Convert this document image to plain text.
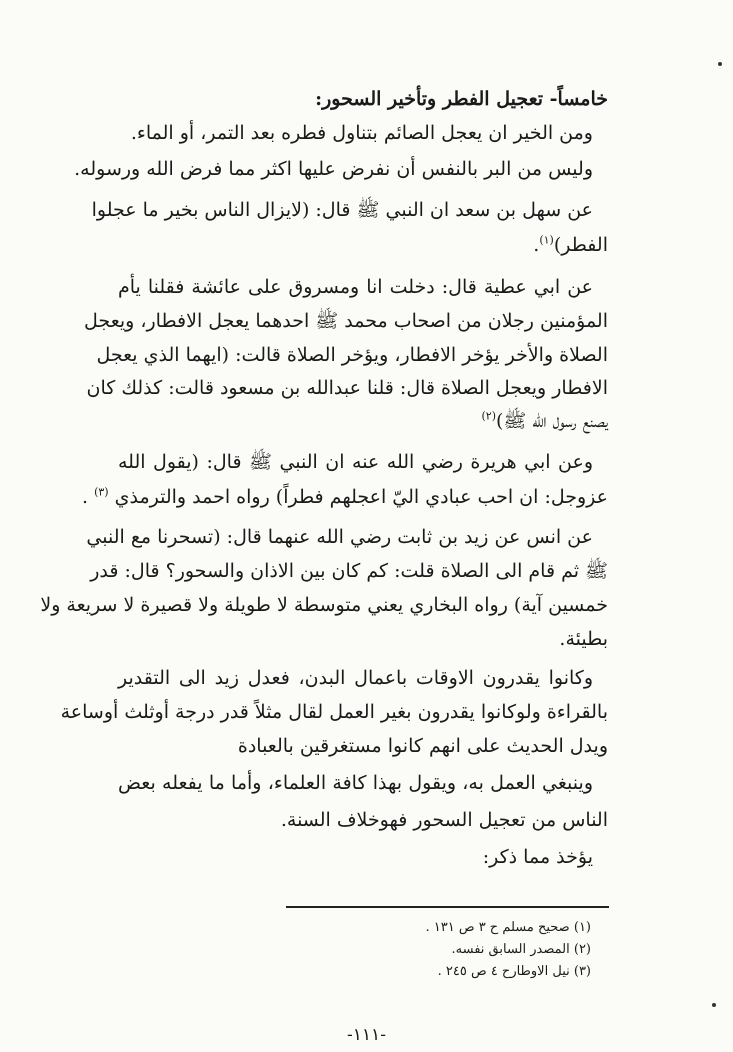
خامساً- تعجيل الفطر وتأخير السحور:
ومن الخير ان يعجل الصائم بتناول فطره بعد التمر، أو الماء.
وليس من البر بالنفس أن نفرض عليها اكثر مما فرض الله ورسوله.
عن سهل بن سعد ان النبي ﷺ قال: (لايزال الناس بخير ما عجلوا
الفطر)$^{(١)}$.
عن ابي عطية قال: دخلت انا ومسروق على عائشة فقلنا يأم
المؤمنين رجلان من اصحاب محمد ﷺ احدهما يعجل الافطار، ويعجل
الصلاة والأخر يؤخر الافطار، ويؤخر الصلاة قالت: (ايهما الذي يعجل
الافطار ويعجل الصلاة قال: قلنا عبدالله بن مسعود قالت: كذلك كان
يصنع رسول الله ﷺ)$^{(٢)}$
وعن ابي هريرة رضي الله عنه ان النبي ﷺ قال: (يقول الله
عزوجل: ان احب عبادي اليّ اعجلهم فطراً) رواه احمد والترمذي $^{(٣)}$ .
عن انس عن زيد بن ثابت رضي الله عنهما قال: (تسحرنا مع النبي
ﷺ ثم قام الى الصلاة قلت: كم كان بين الاذان والسحور؟ قال: قدر
خمسين آية) رواه البخاري يعني متوسطة لا طويلة ولا قصيرة لا سريعة ولا
بطيئة.
وكانوا يقدرون الاوقات باعمال البدن، فعدل زيد الى التقدير
بالقراءة ولوكانوا يقدرون بغير العمل لقال مثلاً قدر درجة أوثلث أوساعة
ويدل الحديث على انهم كانوا مستغرقين بالعبادة
وينبغي العمل به، ويقول بهذا كافة العلماء، وأما ما يفعله بعض
الناس من تعجيل السحور فهوخلاف السنة.
يؤخذ مما ذكر:
(١) صحيح مسلم ح ٣ ص ١٣١ .
(٢) المصدر السابق نفسه.
(٣) نيل الاوطارح ٤ ص ٢٤٥ .
-١١١-
